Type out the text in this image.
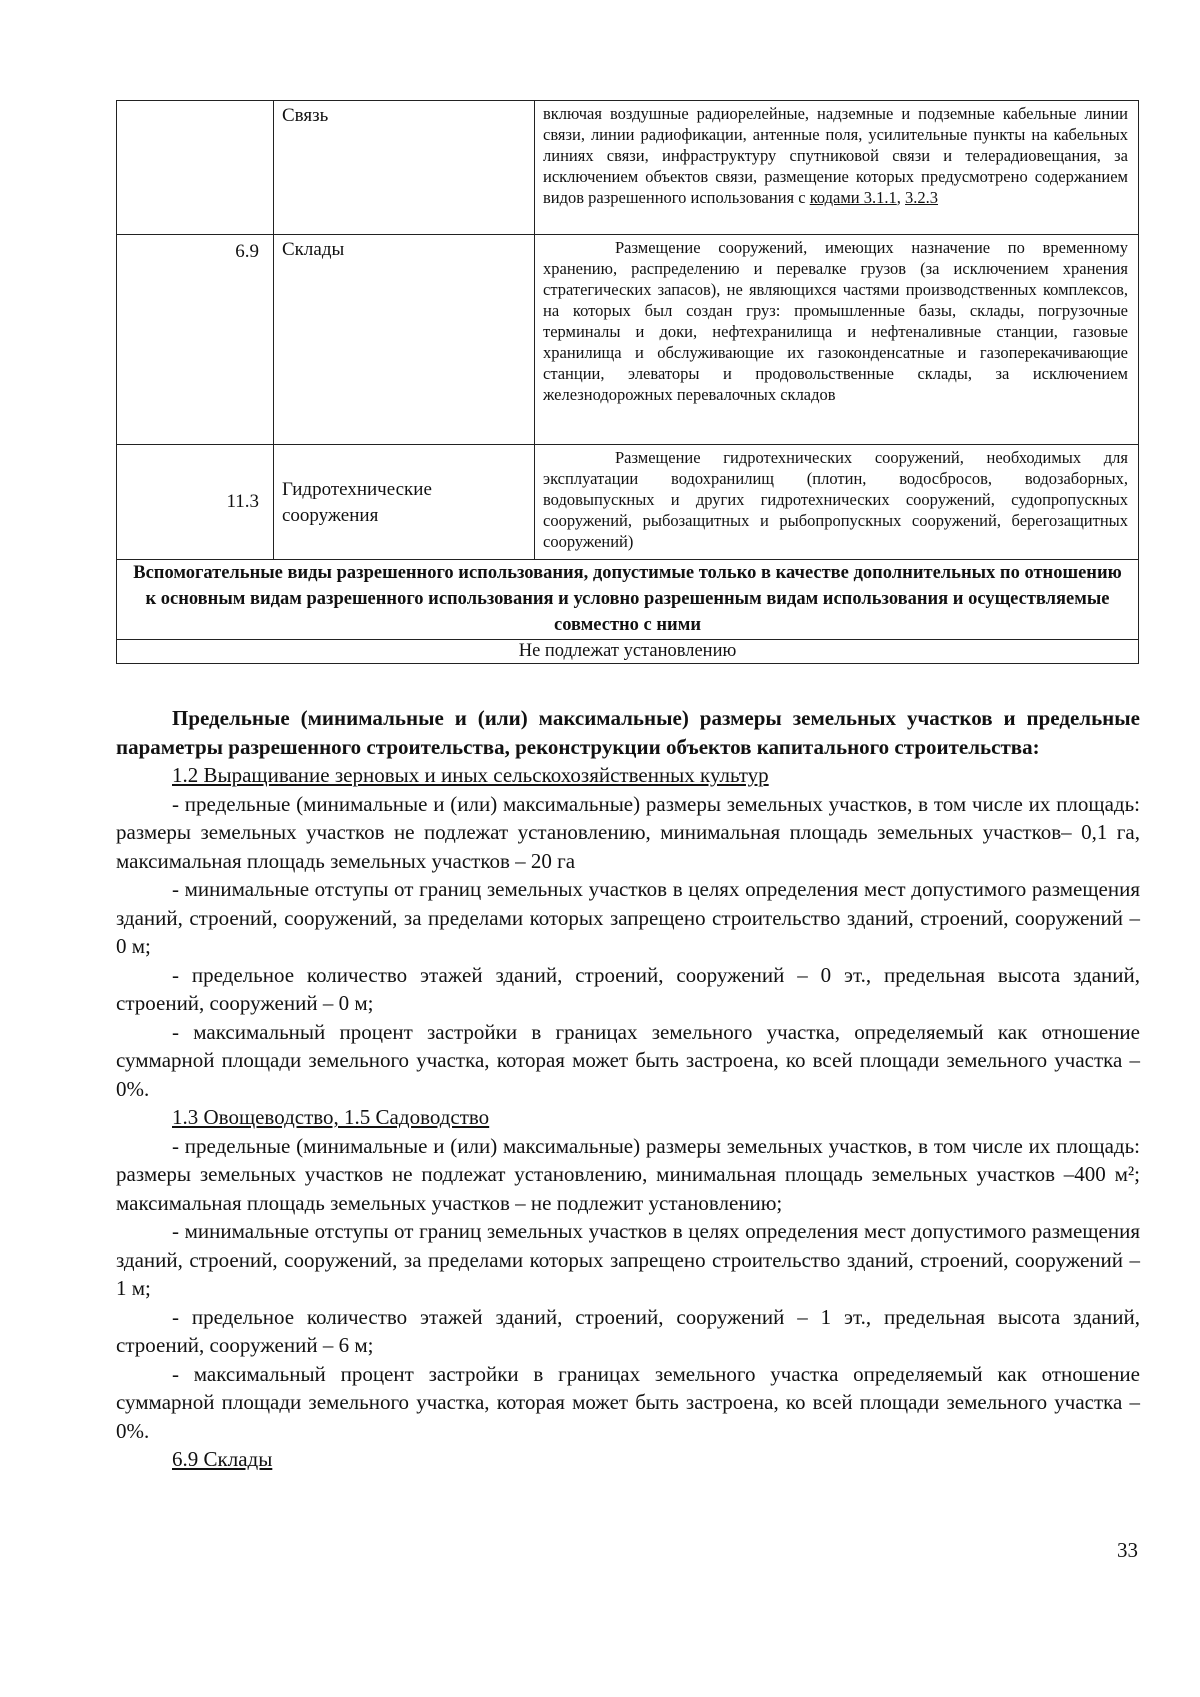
	Связь	включая воздушные радиорелейные, надземные и подземные кабельные линии связи, линии радиофикации, антенные поля, усилительные пункты на кабельных линиях связи, инфраструктуру спутниковой связи и телерадиовещания, за исключением объектов связи, размещение которых предусмотрено содержанием видов разрешенного использования с кодами 3.1.1, 3.2.3
6.9	Склады	Размещение сооружений, имеющих назначение по временному хранению, распределению и перевалке грузов (за исключением хранения стратегических запасов), не являющихся частями производственных комплексов, на которых был создан груз: промышленные базы, склады, погрузочные терминалы и доки, нефтехранилища и нефтеналивные станции, газовые хранилища и обслуживающие их газоконденсатные и газоперекачивающие станции, элеваторы и продовольственные склады, за исключением железнодорожных перевалочных складов

11.3	Гидротехнические сооружения	Размещение гидротехнических сооружений, необходимых для эксплуатации водохранилищ (плотин, водосбросов, водозаборных, водовыпускных и других гидротехнических сооружений, судопропускных сооружений, рыбозащитных и рыбопропускных сооружений, берегозащитных сооружений)

Вспомогательные виды разрешенного использования, допустимые только в качестве дополнительных по отношению к основным видам разрешенного использования и условно разрешенным видам использования и осуществляемые совместно с ними		
Не подлежат установлению		

Предельные (минимальные и (или) максимальные) размеры земельных участков и предельные параметры разрешенного строительства, реконструкции объектов капитального строительства:

1.2 Выращивание зерновых и иных сельскохозяйственных культур

- предельные (минимальные и (или) максимальные) размеры земельных участков, в том числе их площадь: размеры земельных участков не подлежат установлению, минимальная площадь земельных участков– 0,1 га, максимальная площадь земельных участков – 20 га

- минимальные отступы от границ земельных участков в целях определения мест допустимого размещения зданий, строений, сооружений, за пределами которых запрещено строительство зданий, строений, сооружений – 0 м;

- предельное количество этажей зданий, строений, сооружений – 0 эт., предельная высота зданий, строений, сооружений – 0 м;

- максимальный процент застройки в границах земельного участка, определяемый как отношение суммарной площади земельного участка, которая может быть застроена, ко всей площади земельного участка – 0%.

1.3 Овощеводство, 1.5 Садоводство

- предельные (минимальные и (или) максимальные) размеры земельных участков, в том числе их площадь: размеры земельных участков не подлежат установлению, минимальная площадь земельных участков –400 м²; максимальная площадь земельных участков – не подлежит установлению;

- минимальные отступы от границ земельных участков в целях определения мест допустимого размещения зданий, строений, сооружений, за пределами которых запрещено строительство зданий, строений, сооружений – 1 м;

- предельное количество этажей зданий, строений, сооружений – 1 эт., предельная высота зданий, строений, сооружений – 6 м;

- максимальный процент застройки в границах земельного участка определяемый как отношение суммарной площади земельного участка, которая может быть застроена, ко всей площади земельного участка – 0%.

6.9 Склады

33
